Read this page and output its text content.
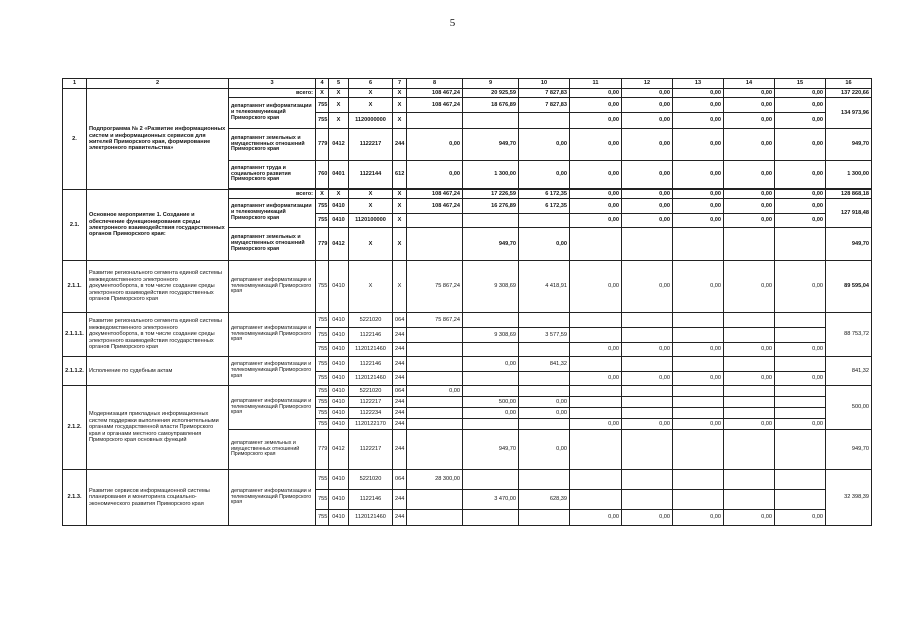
5
1	2	3	4	5	6	7	8	9	10	11	12	13	14	15	16
2.	Подпрограмма № 2 «Развитие информационных систем и информационных сервисов для жителей Приморского края, формирование электронного правительства»	всего:	X	X	X	X	108 467,24	20 925,59	7 827,83	0,00	0,00	0,00	0,00	0,00	137 220,66
		департамент информатизации и телекоммуникаций Приморского края	755	X	X	X	108 467,24	18 676,89	7 827,83	0,00	0,00	0,00	0,00	0,00	134 973,96
			755	X	1120000000	X				0,00	0,00	0,00	0,00	0,00	
		департамент земельных и имущественных отношений Приморского края	779	0412	1122217	244	0,00	949,70	0,00	0,00	0,00	0,00	0,00	0,00	949,70
		департамент труда и социального развития Приморского края	760	0401	1122144	612	0,00	1 300,00	0,00	0,00	0,00	0,00	0,00	0,00	1 300,00

2.1.	Основное мероприятие 1. Создание и обеспечение функционирования среды электронного взаимодействия государственных органов Приморского края:	всего:	X	X	X	X	108 467,24	17 226,59	6 172,35	0,00	0,00	0,00	0,00	0,00	128 868,18
		департамент информатизации и телекоммуникаций Приморского края	755	0410	X	X	108 467,24	16 276,89	6 172,35	0,00	0,00	0,00	0,00	0,00	127 918,48
			755	0410	1120100000	X				0,00	0,00	0,00	0,00	0,00	
		департамент земельных и имущественных отношений Приморского края	779	0412	X	X		949,70	0,00						949,70
2.1.1.	Развитие регионального сегмента единой системы межведомственного электронного документооборота, в том числе создание среды электронного взаимодействия государственных органов Приморского края	департамент информатизации и телекоммуникаций Приморского края	755	0410	X	X	75 867,24	9 308,69	4 418,91	0,00	0,00	0,00	0,00	0,00	89 595,04
2.1.1.1.	Развитие регионального сегмента единой системы межведомственного электронного документооборота, в том числе создание среды электронного взаимодействия государственных органов Приморского края	департамент информатизации и телекоммуникаций Приморского края	755	0410	5221020	064	75 867,24								88 753,72
			755	0410	1122146	244		9 308,69	3 577,59						
			755	0410	1120121460	244				0,00	0,00	0,00	0,00	0,00	
2.1.1.2.	Исполнение по судебным актам	департамент информатизации и телекоммуникаций Приморского края	755	0410	1122146	244		0,00	841,32						841,32
			755	0410	1120121460	244				0,00	0,00	0,00	0,00	0,00	
2.1.2.	Модернизация прикладных информационных систем поддержки выполнения исполнительными органами государственной власти Приморского края и органами местного самоуправления Приморского края основных функций	департамент информатизации и телекоммуникаций Приморского края	755	0410	5221020	064	0,00								500,00
			755	0410	1122217	244		500,00	0,00						
			755	0410	1122234	244		0,00	0,00						
			755	0410	1120122170	244				0,00	0,00	0,00	0,00	0,00	
		департамент земельных и имущественных отношений Приморского края	779	0412	1122217	244		949,70	0,00						949,70
2.1.3.	Развитие сервисов информационной системы планирования и мониторинга социально-экономического развития Приморского края	департамент информатизации и телекоммуникаций Приморского края	755	0410	5221020	064	28 300,00								32 398,39
			755	0410	1122146	244		3 470,00	628,39						
			755	0410	1120121460	244				0,00	0,00	0,00	0,00	0,00	
